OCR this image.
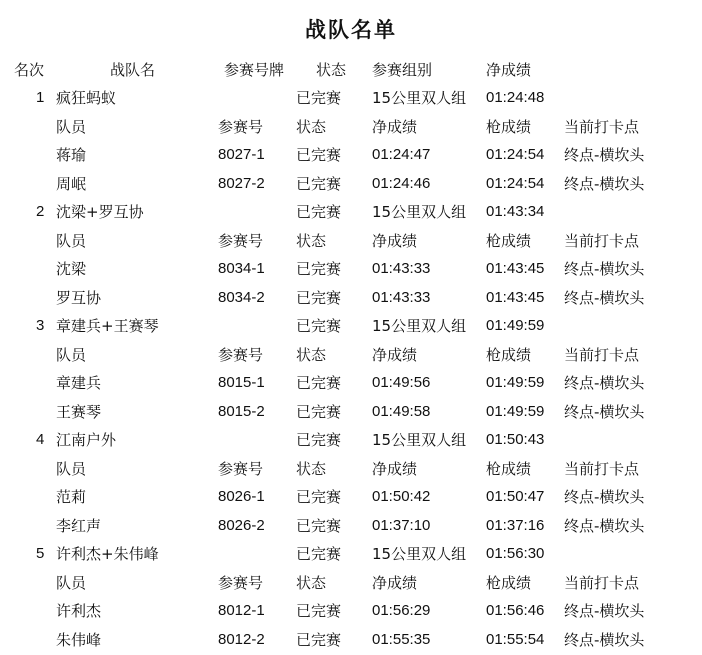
战队名单
名次	战队名	参赛号牌 状态 参赛组别	净成绩
1 疯狂蚂蚁	已完赛 15公里双人组 01:24:48
队员	参赛号 状态	净成绩	枪成绩 当前打卡点
蒋瑜	8027-1 已完赛 01:24:47	01:24:54 终点-横坎头
周岷	8027-2 已完赛 01:24:46	01:24:54 终点-横坎头
2 沈梁+罗互协	已完赛 15公里双人组 01:43:34
队员	参赛号 状态	净成绩	枪成绩 当前打卡点
沈梁	8034-1 已完赛 01:43:33	01:43:45 终点-横坎头
罗互协	8034-2 已完赛 01:43:33	01:43:45 终点-横坎头
3 章建兵+王赛琴	已完赛 15公里双人组 01:49:59
队员	参赛号 状态	净成绩	枪成绩 当前打卡点
章建兵	8015-1 已完赛 01:49:56	01:49:59 终点-横坎头
王赛琴	8015-2 已完赛 01:49:58	01:49:59 终点-横坎头
4 江南户外	已完赛 15公里双人组 01:50:43
队员	参赛号 状态	净成绩	枪成绩 当前打卡点
范莉	8026-1 已完赛 01:50:42	01:50:47 终点-横坎头
李红声	8026-2 已完赛 01:37:10	01:37:16 终点-横坎头
5 许利杰+朱伟峰	已完赛 15公里双人组 01:56:30
队员	参赛号 状态	净成绩	枪成绩 当前打卡点
许利杰	8012-1 已完赛 01:56:29	01:56:46 终点-横坎头
朱伟峰	8012-2 已完赛 01:55:35	01:55:54 终点-横坎头
